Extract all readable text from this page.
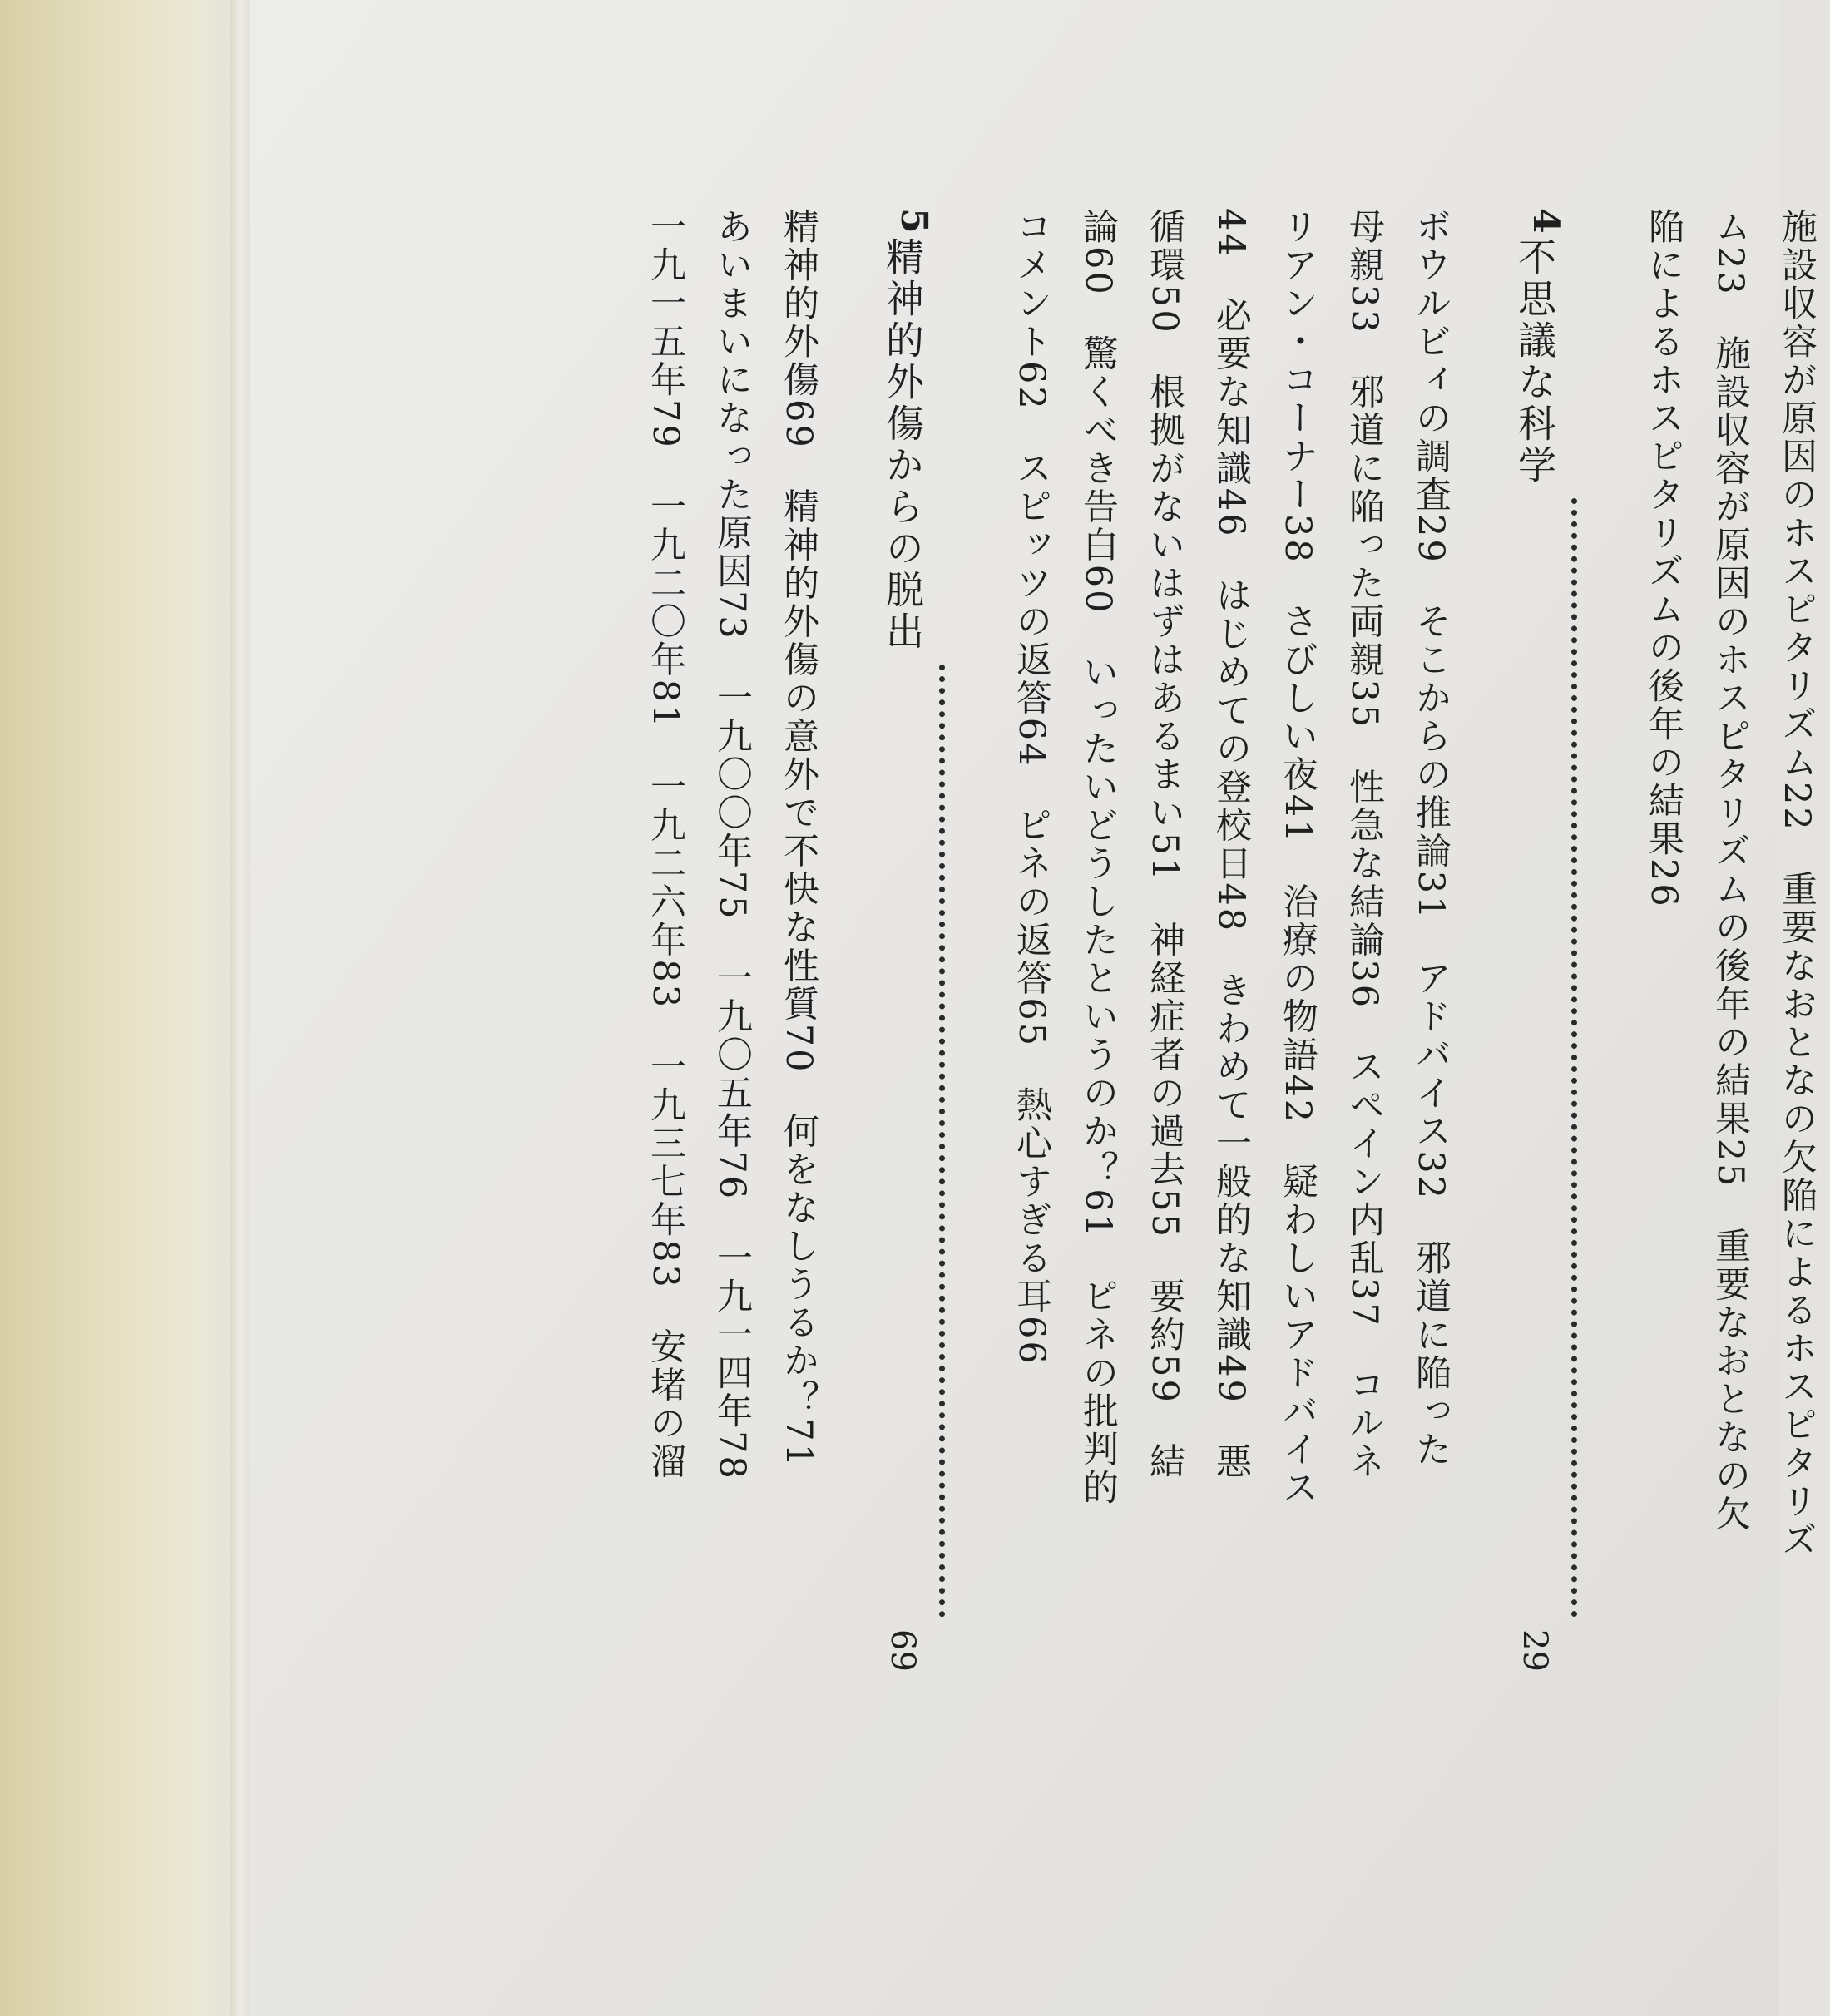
施設収容が原因のホスピタリズム22　重要なおとなの欠陥によるホスピタリズ
ム23　施設収容が原因のホスピタリズムの後年の結果25　重要なおとなの欠
陥によるホスピタリズムの後年の結果26
4
不思議な科学
29
ボウルビィの調査29　そこからの推論31　アドバイス32　邪道に陥った
母親33　邪道に陥った両親35　性急な結論36　スペイン内乱37　コルネ
リアン・コーナー38　さびしい夜41　治療の物語42　疑わしいアドバイス
44　必要な知識46　はじめての登校日48　きわめて一般的な知識49　悪
循環50　根拠がないはずはあるまい51　神経症者の過去55　要約59　結
論60　驚くべき告白60　いったいどうしたというのか？61　ピネの批判的
コメント62　スピッツの返答64　ピネの返答65　熱心すぎる耳66
5
精神的外傷からの脱出
69
精神的外傷69　精神的外傷の意外で不快な性質70　何をなしうるか？71
あいまいになった原因73　一九〇〇年75　一九〇五年76　一九一四年78
一九一五年79　一九二〇年81　一九二六年83　一九三七年83　安堵の溜
